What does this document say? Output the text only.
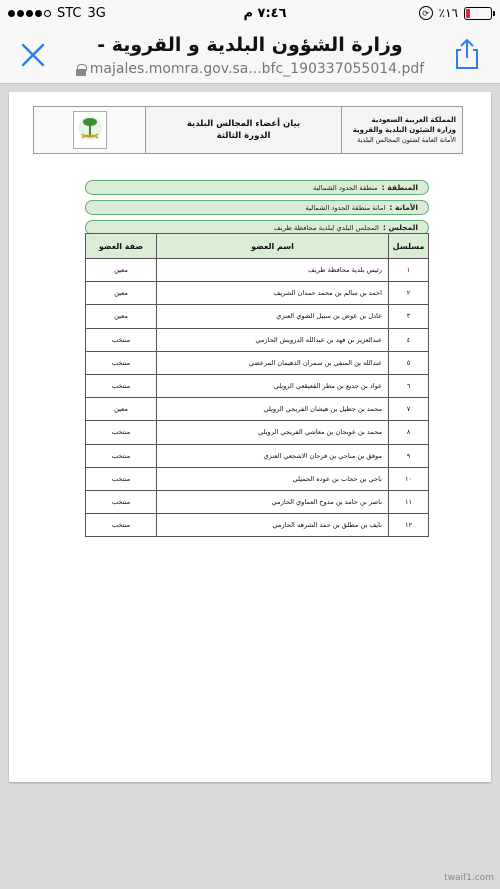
STC 3G	٧:٤٦ م	⟳ ٪١٦
وزارة الشؤون البلدية و القروية -
majales.momra.gov.sa...bfc_190337055014.pdf
بيان أعضاء المجالس البلدية
الدورة الثالثة
المملكة العربية السعودية
وزارة الشئون البلدية والقروية
الأمانة العامة لشئون المجالس البلدية
المنطقة :
منطقة الحدود الشمالية
الأمانة :
امانة منطقة الحدود الشمالية
المجلس :
المجلس البلدي لبلدية محافظة طريف
مسلسل	اسم العضو	صفة العضو
١	رئيس بلدية محافظة طريف	معين
٢	احمد بن سالم بن محمد حمدان الشريف	معين
٣	عادل بن عوض بن سبيل الضوي العنزي	معين
٤	عبدالعزيز بن فهد بن عبدالله الدرويش الحازمي	منتخب
٥	عبدالله بن المنفي بن سمران الدهيمان المرعضي	منتخب
٦	عواد بن جديع بن مطر القعيقعي الرويلي	منتخب
٧	محمد بن جطيل بن هيشان الفريجي الرويلي	معين
٨	محمد بن عويجان بن معاشي الفريجي الرويلي	منتخب
٩	موفق بن مناحي بن فرحان الاشجعي العنزي	منتخب
١٠	ناجي بن حجاب بن عوده الجميلي	منتخب
١١	ناصر بن حامد بن مدوح العماوي الحازمي	منتخب
١٢	نايف بن مطلق بن حمد الشرهه الحازمي	منتخب
twaif1.com
